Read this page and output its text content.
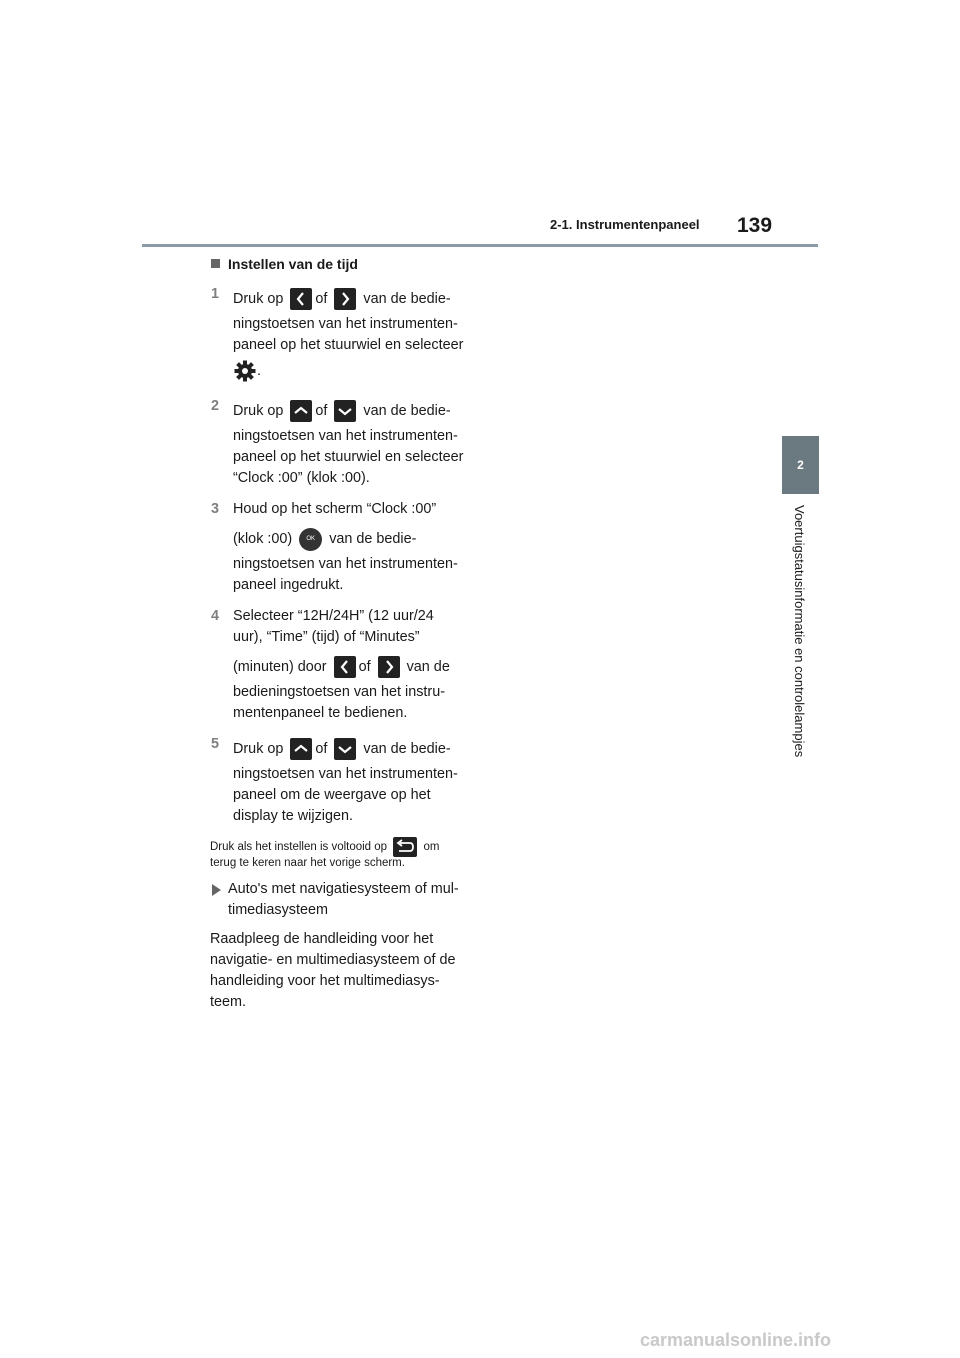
2-1. Instrumentenpaneel 139
2
Voertuigstatusinformatie en controlelampjes
Instellen van de tijd
1 Druk op of	van de bedie-
ningstoetsen van het instrumenten-
paneel op het stuurwiel en selecteer
.
2 Druk op of	van de bedie-
ningstoetsen van het instrumenten-
paneel op het stuurwiel en selecteer
“Clock :00” (klok :00).
3 Houd op het scherm “Clock :00”
(klok :00) OK van de bedie-
ningstoetsen van het instrumenten-
paneel ingedrukt.
4 Selecteer “12H/24H” (12 uur/24
uur), “Time” (tijd) of “Minutes”
(minuten) door of	van de
bedieningstoetsen van het instru-
mentenpaneel te bedienen.
5 Druk op of	van de bedie-
ningstoetsen van het instrumenten-
paneel om de weergave op het
display te wijzigen.
Druk als het instellen is voltooid op	om
terug te keren naar het vorige scherm.
Auto's met navigatiesysteem of mul-
timediasysteem
Raadpleeg de handleiding voor het
navigatie- en multimediasysteem of de
handleiding voor het multimediasys-
teem.
carmanualsonline.info
